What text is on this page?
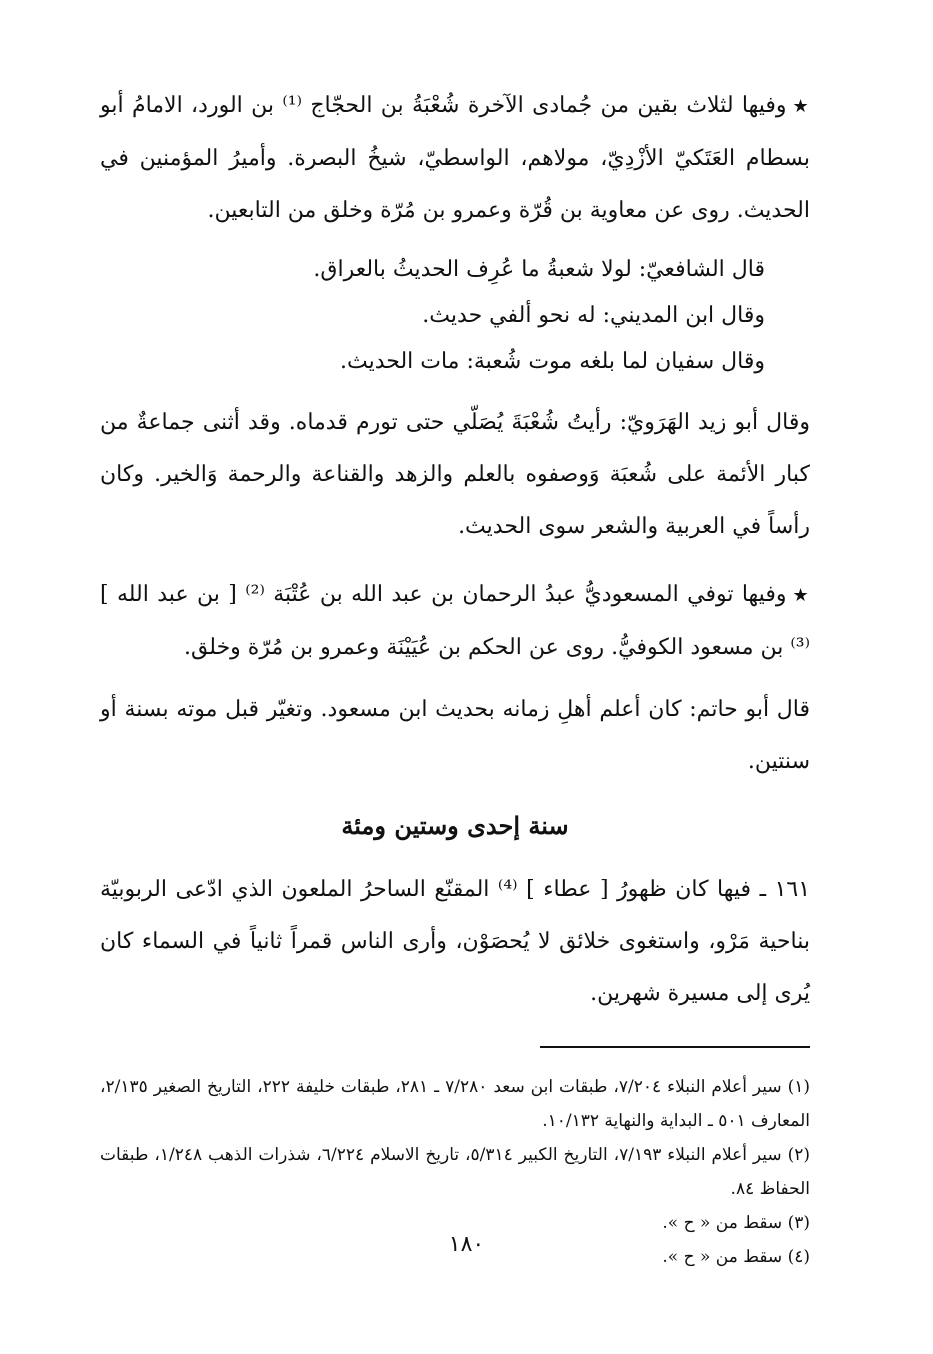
★وفيها لثلاث بقين من جُمادى الآخرة شُعْبَةُ بن الحجّاج ⁽¹⁾ بن الورد، الامامُ أبو بسطام العَتَكيّ الأزْدِيّ، مولاهم، الواسطيّ، شيخُ البصرة. وأميرُ المؤمنين في الحديث. روى عن معاوية بن قُرّة وعمرو بن مُرّة وخلق من التابعين.

قال الشافعيّ: لولا شعبةُ ما عُرِف الحديثُ بالعراق.

وقال ابن المديني: له نحو ألفي حديث.

وقال سفيان لما بلغه موت شُعبة: مات الحديث.

وقال أبو زيد الهَرَويّ: رأيتُ شُعْبَةَ يُصَلّي حتى تورم قدماه. وقد أثنى جماعةٌ من كبار الأئمة على شُعبَة وَوصفوه بالعلم والزهد والقناعة والرحمة وَالخير. وكان رأساً في العربية والشعر سوى الحديث.

★وفيها توفي المسعوديُّ عبدُ الرحمان بن عبد الله بن عُتْبَة ⁽²⁾ [ بن عبد الله ] ⁽³⁾ بن مسعود الكوفيُّ. روى عن الحكم بن عُيَيْنَة وعمرو بن مُرّة وخلق.

قال أبو حاتم: كان أعلم أهلِ زمانه بحديث ابن مسعود. وتغيّر قبل موته بسنة أو سنتين.

سنة إحدى وستين ومئة

١٦١ ـ فيها كان ظهورُ [ عطاء ] ⁽⁴⁾ المقنّع الساحرُ الملعون الذي ادّعى الربوبيّة بناحية مَرْو، واستغوى خلائق لا يُحصَوْن، وأرى الناس قمراً ثانياً في السماء كان يُرى إلى مسيرة شهرين.

(١) سير أعلام النبلاء ٧/٢٠٤، طبقات ابن سعد ٧/٢٨٠ ـ ٢٨١، طبقات خليفة ٢٢٢، التاريخ الصغير ٢/١٣٥، المعارف ٥٠١ ـ البداية والنهاية ١٠/١٣٢.

(٢) سير أعلام النبلاء ٧/١٩٣، التاريخ الكبير ٥/٣١٤، تاريخ الاسلام ٦/٢٢٤، شذرات الذهب ١/٢٤٨، طبقات الحفاظ ٨٤.

(٣) سقط من « ح ».

(٤) سقط من « ح ».

١٨٠
